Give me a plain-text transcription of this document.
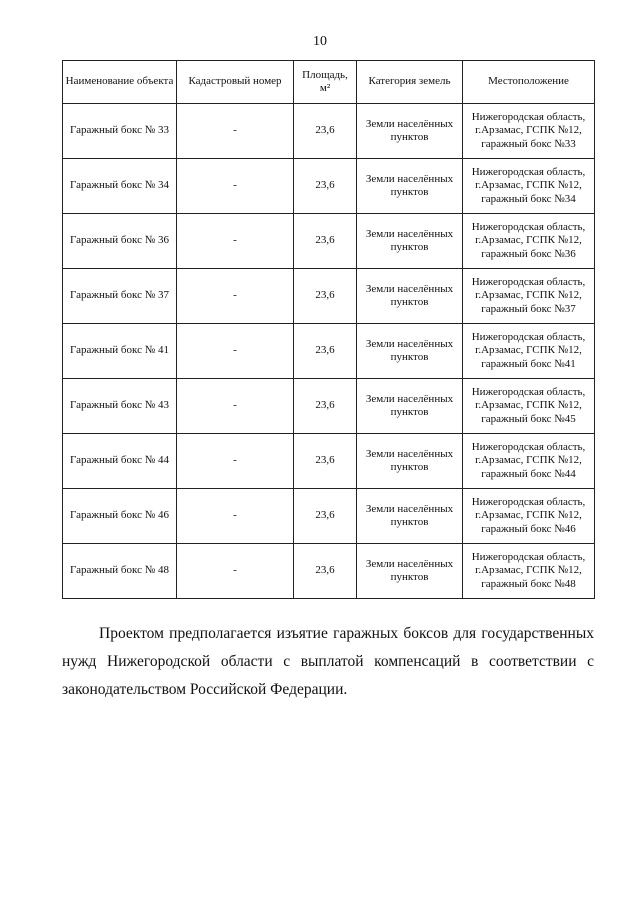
10
Наименование объекта	Кадастровый номер	Площадь, м²	Категория земель	Местоположение
Гаражный бокс № 33	-	23,6	Земли населённых пунктов	Нижегородская область, г.Арзамас, ГСПК №12, гаражный бокс №33
Гаражный бокс № 34	-	23,6	Земли населённых пунктов	Нижегородская область, г.Арзамас, ГСПК №12, гаражный бокс №34
Гаражный бокс № 36	-	23,6	Земли населённых пунктов	Нижегородская область, г.Арзамас, ГСПК №12, гаражный бокс №36
Гаражный бокс № 37	-	23,6	Земли населённых пунктов	Нижегородская область, г.Арзамас, ГСПК №12, гаражный бокс №37
Гаражный бокс № 41	-	23,6	Земли населённых пунктов	Нижегородская область, г.Арзамас, ГСПК №12, гаражный бокс №41
Гаражный бокс № 43	-	23,6	Земли населённых пунктов	Нижегородская область, г.Арзамас, ГСПК №12, гаражный бокс №45
Гаражный бокс № 44	-	23,6	Земли населённых пунктов	Нижегородская область, г.Арзамас, ГСПК №12, гаражный бокс №44
Гаражный бокс № 46	-	23,6	Земли населённых пунктов	Нижегородская область, г.Арзамас, ГСПК №12, гаражный бокс №46
Гаражный бокс № 48	-	23,6	Земли населённых пунктов	Нижегородская область, г.Арзамас, ГСПК №12, гаражный бокс №48

Проектом предполагается изъятие гаражных боксов для государственных нужд Нижегородской области с выплатой компенсаций в соответствии с законодательством Российской Федерации.
